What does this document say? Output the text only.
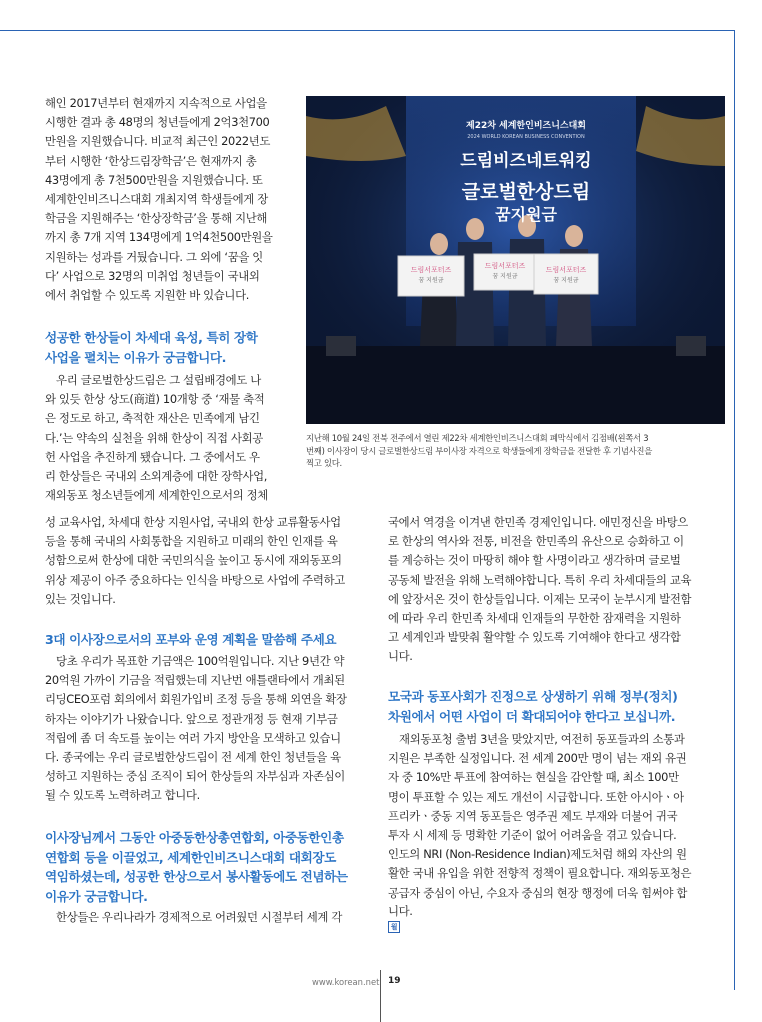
해인 2017년부터 현재까지 지속적으로 사업을
시행한 결과 총 48명의 청년들에게 2억3천700
만원을 지원했습니다. 비교적 최근인 2022년도
부터 시행한 ‘한상드림장학금’은 현재까지 총
43명에게 총 7천500만원을 지원했습니다. 또
세계한인비즈니스대회 개최지역 학생들에게 장
학금을 지원해주는 ‘한상장학금’을 통해 지난해
까지 총 7개 지역 134명에게 1억4천500만원을
지원하는 성과를 거뒀습니다. 그 외에 ‘꿈을 잇
다’ 사업으로 32명의 미취업 청년들이 국내외
에서 취업할 수 있도록 지원한 바 있습니다.
성공한 한상들이 차세대 육성, 특히 장학
사업을 펼치는 이유가 궁금합니다.
　우리 글로벌한상드림은 그 설립배경에도 나
와 있듯 한상 상도(商道) 10개항 중 ‘재물 축적
은 정도로 하고, 축적한 재산은 민족에게 남긴
다.’는 약속의 실천을 위해 한상이 직접 사회공
헌 사업을 추진하게 됐습니다. 그 중에서도 우
리 한상들은 국내외 소외계층에 대한 장학사업,
재외동포 청소년들에게 세계한인으로서의 정체
성 교육사업, 차세대 한상 지원사업, 국내외 한상 교류활동사업
등을 통해 국내의 사회통합을 지원하고 미래의 한인 인재를 육
성함으로써 한상에 대한 국민의식을 높이고 동시에 재외동포의
위상 제공이 아주 중요하다는 인식을 바탕으로 사업에 주력하고
있는 것입니다.
3대 이사장으로서의 포부와 운영 계획을 말씀해 주세요
　당초 우리가 목표한 기금액은 100억원입니다. 지난 9년간 약
20억원 가까이 기금을 적립했는데 지난번 애틀랜타에서 개최된
리딩CEO포럼 회의에서 회원가입비 조정 등을 통해 외연을 확장
하자는 이야기가 나왔습니다. 앞으로 정관개정 등 현재 기부금
적립에 좀 더 속도를 높이는 여러 가지 방안을 모색하고 있습니
다. 종국에는 우리 글로벌한상드림이 전 세계 한인 청년들을 육
성하고 지원하는 중심 조직이 되어 한상들의 자부심과 자존심이
될 수 있도록 노력하려고 합니다.
이사장님께서 그동안 아중동한상총연합회, 아중동한인총
연합회 등을 이끌었고, 세계한인비즈니스대회 대회장도
역임하셨는데, 성공한 한상으로서 봉사활동에도 전념하는
이유가 궁금합니다.
　한상들은 우리나라가 경제적으로 어려웠던 시절부터 세계 각
드림서포터즈
꿈 지원금
드림서포터즈
꿈 지원금
드림서포터즈
꿈 지원금
제22차 세계한인비즈니스대회
2024 WORLD KOREAN BUSINESS CONVENTION
드림비즈네트워킹
글로벌한상드림
꿈지원금
지난해 10월 24일 전북 전주에서 열린 제22차 세계한인비즈니스대회 폐막식에서 김점배(왼쪽서 3
번째) 이사장이 당시 글로벌한상드림 부이사장 자격으로 학생들에게 장학금을 전달한 후 기념사진을
찍고 있다.
국에서 역경을 이겨낸 한민족 경제인입니다. 애민정신을 바탕으
로 한상의 역사와 전통, 비전을 한민족의 유산으로 승화하고 이
를 계승하는 것이 마땅히 해야 할 사명이라고 생각하며 글로벌
공동체 발전을 위해 노력해야합니다. 특히 우리 차세대들의 교육
에 앞장서온 것이 한상들입니다. 이제는 모국이 눈부시게 발전함
에 따라 우리 한민족 차세대 인재들의 무한한 잠재력을 지원하
고 세계인과 발맞춰 활약할 수 있도록 기여해야 한다고 생각합
니다.
모국과 동포사회가 진정으로 상생하기 위해 정부(정치)
차원에서 어떤 사업이 더 확대되어야 한다고 보십니까.
　재외동포청 출범 3년을 맞았지만, 여전히 동포들과의 소통과
지원은 부족한 실정입니다. 전 세계 200만 명이 넘는 재외 유권
자 중 10%만 투표에 참여하는 현실을 감안할 때, 최소 100만
명이 투표할 수 있는 제도 개선이 시급합니다. 또한 아시아ㆍ아
프리카ㆍ중동 지역 동포들은 영주권 제도 부재와 더불어 귀국
투자 시 세제 등 명확한 기준이 없어 어려움을 겪고 있습니다.
인도의 NRI (Non-Residence Indian)제도처럼 해외 자산의 원
활한 국내 유입을 위한 전향적 정책이 필요합니다. 재외동포청은
공급자 중심이 아닌, 수요자 중심의 현장 행정에 더욱 힘써야 합
니다.
월
www.korean.net 19
